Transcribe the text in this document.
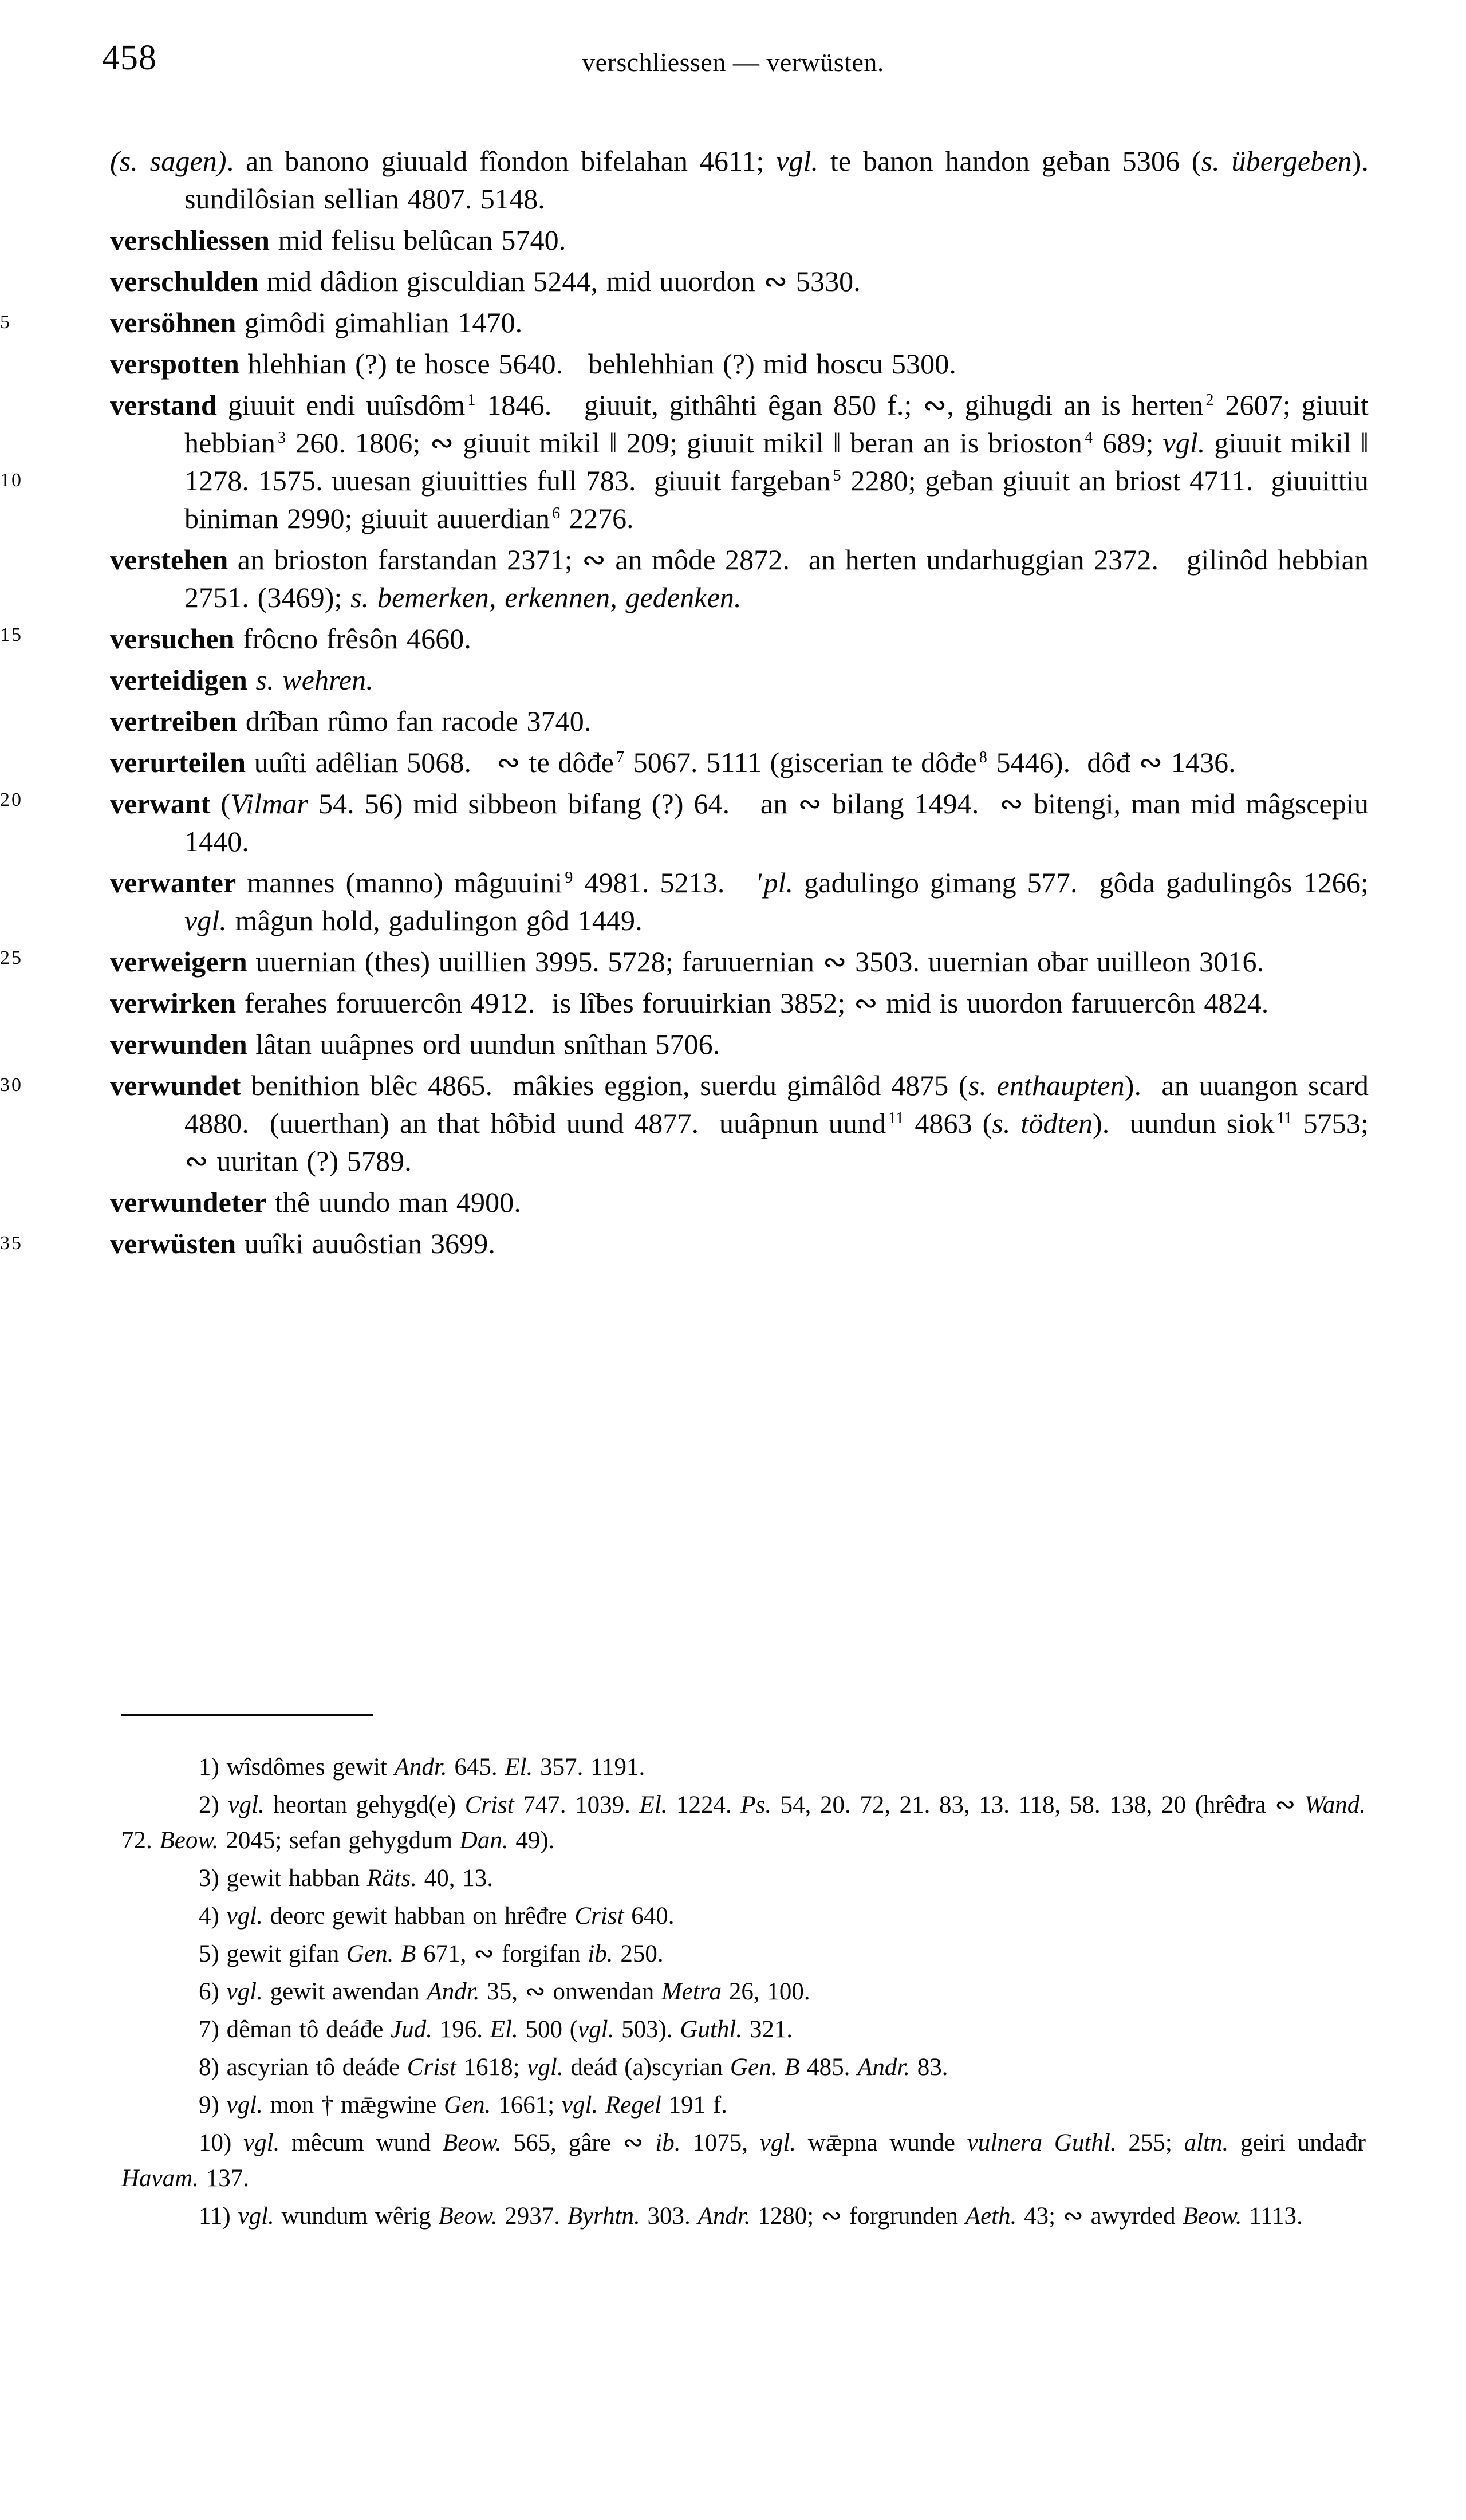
458	verschliessen — verwüsten.

(s. sagen). an banono giuuald fîondon bifelahan 4611; vgl. te banon handon ge﻿ƀan 5306 (s. übergeben). sundilôsian sellian 4807. 5148.

verschliessen mid felisu belûcan 5740.

verschulden mid dâdion gisculdian 5244, mid uuordon ∾ 5330.

5	versöhnen gimôdi gimahlian 1470.

verspotten hlehhian (?) te hosce 5640.   behlehhian (?) mid hoscu 5300.

10
verstand giuuit endi uuîsdôm $^1$ 1846.   giuuit, githâhti êgan 850 f.; ∾, gihugdi an is herten $^2$ 2607; giuuit hebbian $^3$ 260. 1806; ∾ giuuit mikil ‖ 209; giuuit mikil ‖ beran an is brioston $^4$ 689; vgl. giuuit mikil ‖ 1278. 1575. uuesan giuuitties full 783.  giuuit far﻿ǥeban $^5$ 2280; geƀan giuuit an briost 4711.  giuuittiu biniman 2990; giuuit auuerdian $^6$ 2276.

15
verstehen an brioston farstandan 2371; ∾ an môde 2872.  an herten undarhuggian 2372.   gilinôd hebbian 2751. (3469); s. bemerken, erkennen, gedenken.

versuchen frôcno frêsôn 4660.

verteidigen s. wehren.

vertreiben drîƀan rûmo fan racode 3740.

20
verurteilen uuîti adêlian 5068.   ∾ te dôđe $^7$ 5067. 5111 (giscerian te dôđe $^8$ 5446).  dôđ ∾ 1436.

verwant (Vilmar 54. 56) mid sibbeon bifang (?) 64.   an ∾ bilang 1494.  ∾ bitengi, man mid mâgscepiu 1440.

25
verwanter mannes (manno) mâguuini $^9$ 4981. 5213.   ′pl. gadulingo gimang 577.  gôda gadulingôs 1266; vgl. mâgun hold, gadulingon gôd 1449.

verweigern uuernian (thes) uuillien 3995. 5728; faruuernian ∾ 3503. uuernian oƀar uuilleon 3016.

verwirken ferahes foruuercôn 4912.  is lîƀes foruuirkian 3852; ∾ mid is uuordon faruuercôn 4824.

verwunden lâtan uuâpnes ord uundun snîthan 5706.

30	verwundet benithion blêc 4865.  mâkies eggion, suerdu gimâlôd 4875 (s. enthaupten).  an uuangon scard 4880.  (uuerthan) an that hôƀid uund 4877.  uuâpnun uund $^{11}$ 4863 (s. tödten).  uundun siok $^{11}$ 5753; ∾ uuritan (?) 5789.

verwundeter thê uundo man 4900.

35	verwüsten uuîki auuôstian 3699.

1) wîsdômes gewit Andr. 645. El. 357. 1191.

2) vgl. heortan gehygd(e) Crist 747. 1039. El. 1224. Ps. 54, 20. 72, 21. 83, 13. 118, 58. 138, 20 (hrêđra ∾ Wand. 72. Beow. 2045; sefan gehygdum Dan. 49).

3) gewit habban Räts. 40, 13.

4) vgl. deorc gewit habban on hrêđre Crist 640.

5) gewit gifan Gen. B 671, ∾ forgifan ib. 250.

6) vgl. gewit awendan Andr. 35, ∾ onwendan Metra 26, 100.

7) dêman tô deáđe Jud. 196. El. 500 (vgl. 503). Guthl. 321.

8) ascyrian tô deáđe Crist 1618; vgl. deáđ (a)scyrian Gen. B 485. Andr. 83.

9) vgl. mon † mǣgwine Gen. 1661; vgl. Regel 191 f.

10) vgl. mêcum wund Beow. 565, gâre ∾ ib. 1075, vgl. wǣpna wunde vulnera Guthl. 255; altn. geiri undađr Havam. 137.

11) vgl. wundum wêrig Beow. 2937. Byrhtn. 303. Andr. 1280; ∾ forgrunden Aeth. 43; ∾ awyrded Beow. 1113.
